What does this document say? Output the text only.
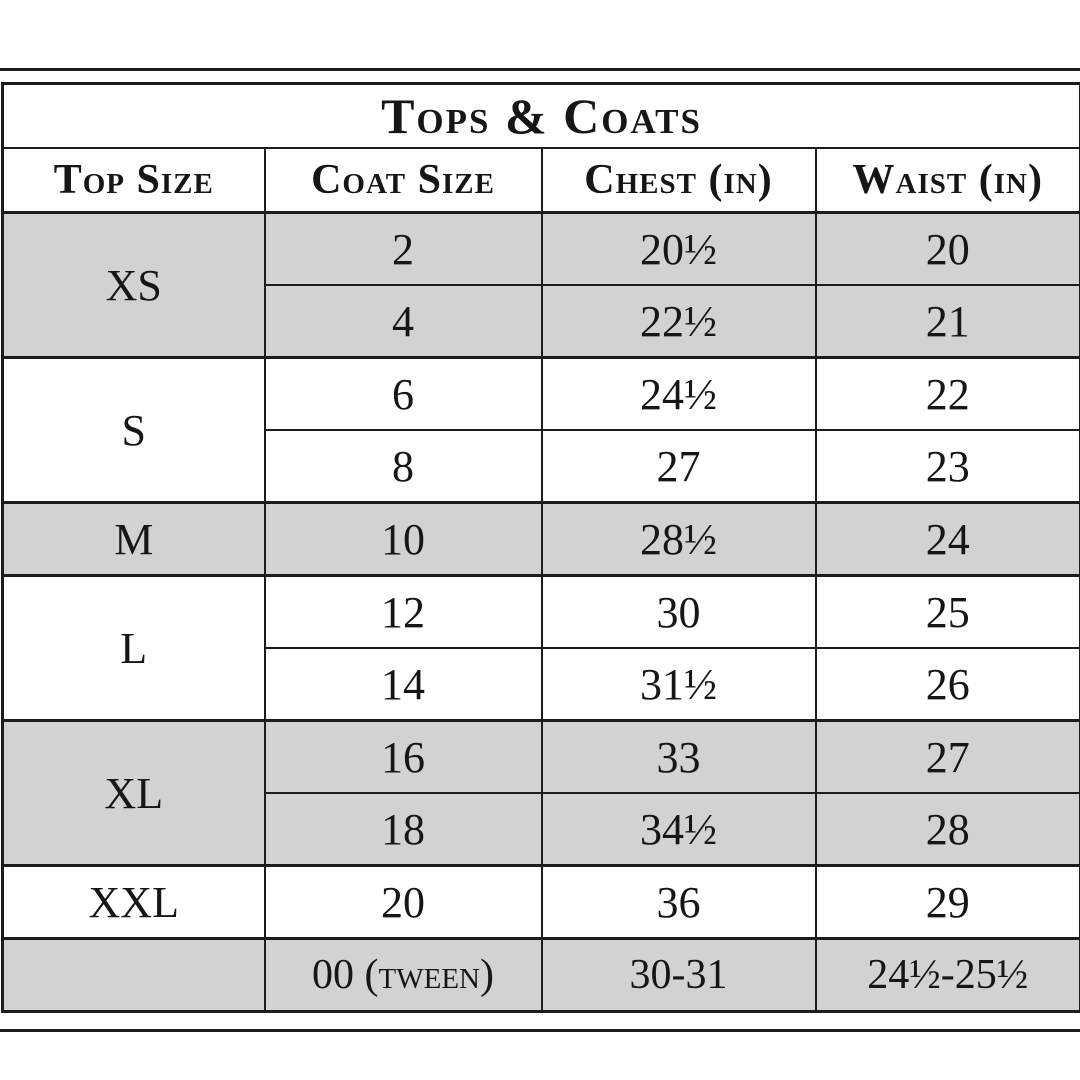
Tops & Coats			
Top Size	Coat Size	Chest (in)	Waist (in)
XS	2	20½	20
	4	22½	21
S	6	24½	22
	8	27	23
M	10	28½	24
L	12	30	25
	14	31½	26
XL	16	33	27
	18	34½	28
XXL	20	36	29
	00 (tween)	30-31	24½-25½
